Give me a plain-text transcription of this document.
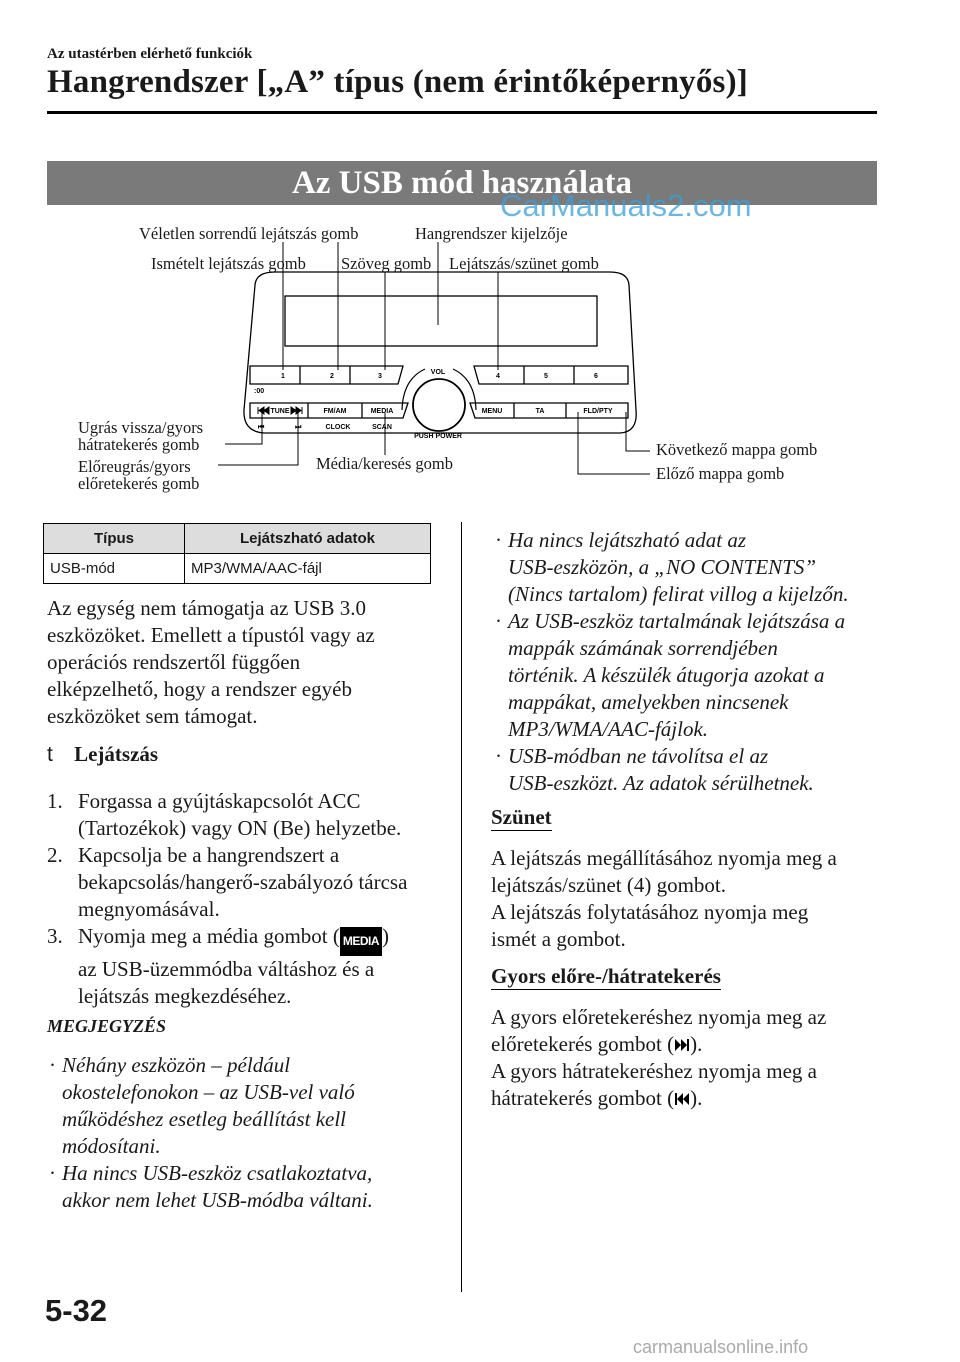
Az utastérben elérhető funkciók
Hangrendszer [„A” típus (nem érintőképernyős)]
Az USB mód használata
CarManuals2.com
Véletlen sorrendű lejátszás gomb	Hangrendszer kijelzője
Ismételt lejátszás gomb Szöveg gomb Lejátszás/szünet gomb
Ugrás vissza/gyors
hátratekerés gomb
Előreugrás/gyors
előretekerés gomb
Média/keresés gomb
Következő mappa gomb
Előző mappa gomb
1	2	3	4	5	6
:00
VOL
PUSH POWER
TUNE	FM/AM	MEDIA
CLOCK	SCAN
MENU	TA	FLD/PTY
⏮	⏭
Típus	Lejátszható adatok
USB-mód	MP3/WMA/AAC-fájl
Az egység nem támogatja az USB 3.0
eszközöket. Emellett a típustól vagy az
operációs rendszertől függően
elképzelhető, hogy a rendszer egyéb
eszközöket sem támogat.
t Lejátszás
1. Forgassa a gyújtáskapcsolót ACC
(Tartozékok) vagy ON (Be) helyzetbe.
2. Kapcsolja be a hangrendszert a
bekapcsolás/hangerő-szabályozó tárcsa
megnyomásával.
3. Nyomja meg a média gombot ( MEDIA )
az USB-üzemmódba váltáshoz és a
lejátszás megkezdéséhez.
MEGJEGYZÉS
· Néhány eszközön – például
okostelefonokon – az USB-vel való
működéshez esetleg beállítást kell
módosítani.
· Ha nincs USB-eszköz csatlakoztatva,
akkor nem lehet USB-módba váltani.
· Ha nincs lejátszható adat az
USB-eszközön, a „NO CONTENTS”
(Nincs tartalom) felirat villog a kijelzőn.
· Az USB-eszköz tartalmának lejátszása a
mappák számának sorrendjében
történik. A készülék átugorja azokat a
mappákat, amelyekben nincsenek
MP3/WMA/AAC-fájlok.
· USB-módban ne távolítsa el az
USB-eszközt. Az adatok sérülhetnek.
Szünet
A lejátszás megállításához nyomja meg a
lejátszás/szünet (4) gombot.
A lejátszás folytatásához nyomja meg
ismét a gombot.
Gyors előre-/hátratekerés
A gyors előretekeréshez nyomja meg az
előretekerés gombot ( ).
A gyors hátratekeréshez nyomja meg a
hátratekerés gombot ( ).
5-32
carmanualsonline.info
